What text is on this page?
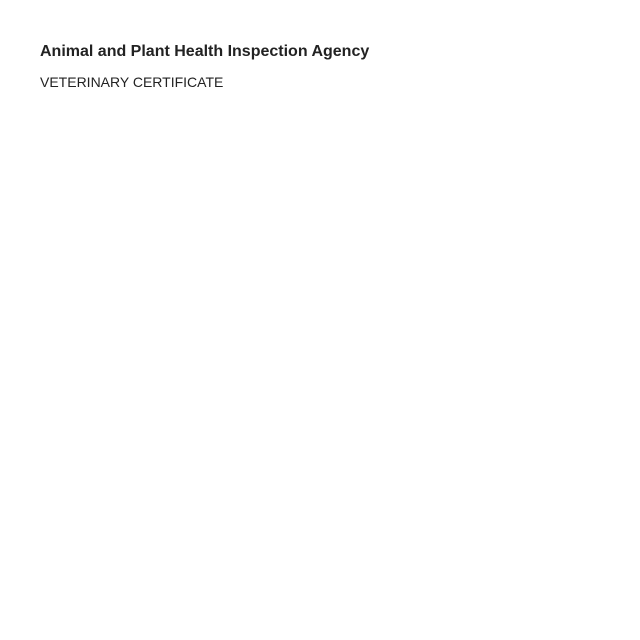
Animal and Plant Health Inspection Agency
VETERINARY CERTIFICATE
